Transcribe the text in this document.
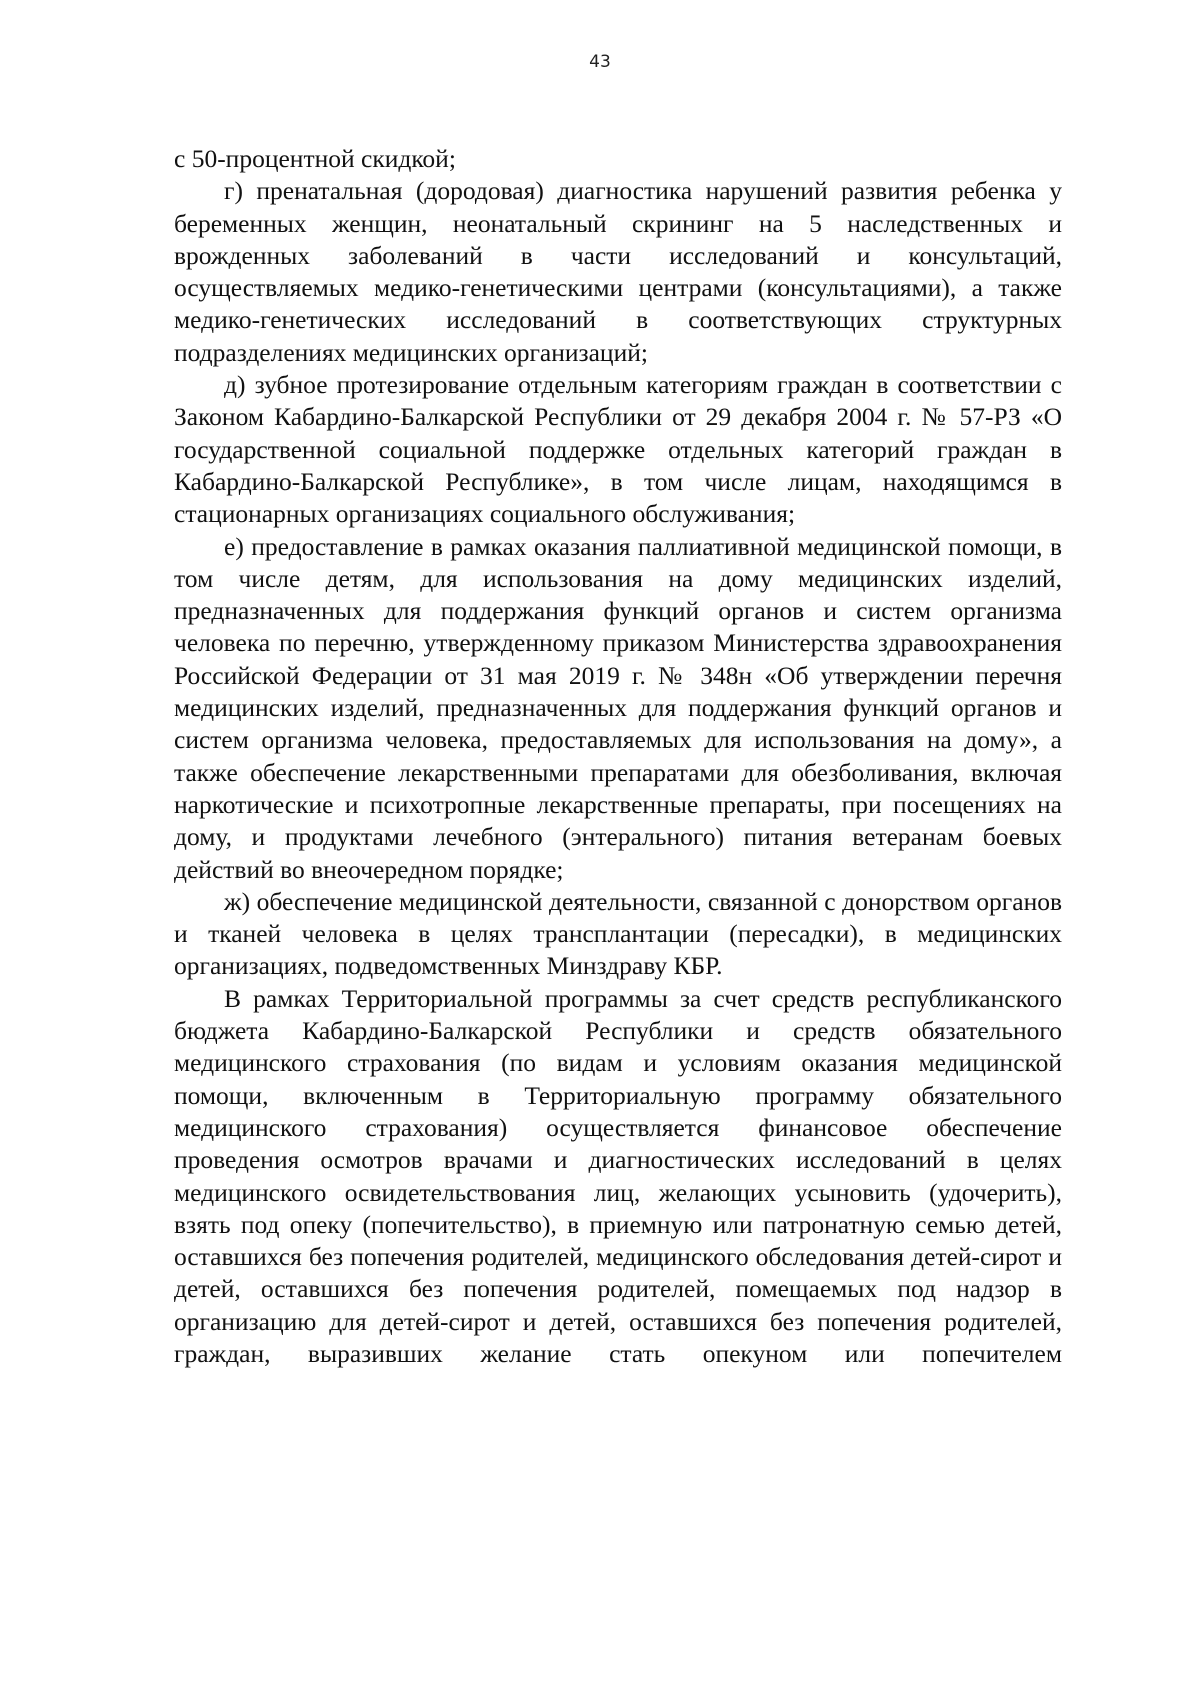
43

с 50-процентной скидкой;

г) пренатальная (дородовая) диагностика нарушений развития ребенка у беременных женщин, неонатальный скрининг на 5 наследственных и врожденных заболеваний в части исследований и консультаций, осуществляемых медико-генетическими центрами (консультациями), а также медико-генетических исследований в соответствующих структурных подразделениях медицинских организаций;

д) зубное протезирование отдельным категориям граждан в соответствии с Законом Кабардино-Балкарской Республики от 29 декабря 2004 г. № 57-РЗ «О государственной социальной поддержке отдельных категорий граждан в Кабардино-Балкарской Республике», в том числе лицам, находящимся в стационарных организациях социального обслуживания;

е) предоставление в рамках оказания паллиативной медицинской помощи, в том числе детям, для использования на дому медицинских изделий, предназначенных для поддержания функций органов и систем организма человека по перечню, утвержденному приказом Министерства здравоохранения Российской Федерации от 31 мая 2019 г. № 348н «Об утверждении перечня медицинских изделий, предназначенных для поддержания функций органов и систем организма человека, предоставляемых для использования на дому», а также обеспечение лекарственными препаратами для обезболивания, включая наркотические и психотропные лекарственные препараты, при посещениях на дому, и продуктами лечебного (энтерального) питания ветеранам боевых действий во внеочередном порядке;

ж) обеспечение медицинской деятельности, связанной с донорством органов и тканей человека в целях трансплантации (пересадки), в медицинских организациях, подведомственных Минздраву КБР.

В рамках Территориальной программы за счет средств республиканского бюджета Кабардино-Балкарской Республики и средств обязательного медицинского страхования (по видам и условиям оказания медицинской помощи, включенным в Территориальную программу обязательного медицинского страхования) осуществляется финансовое обеспечение проведения осмотров врачами и диагностических исследований в целях медицинского освидетельствования лиц, желающих усыновить (удочерить), взять под опеку (попечительство), в приемную или патронатную семью детей, оставшихся без попечения родителей, медицинского обследования детей-сирот и детей, оставшихся без попечения родителей, помещаемых под надзор в организацию для детей-сирот и детей, оставшихся без попечения родителей, граждан, выразивших желание стать опекуном или попечителем
